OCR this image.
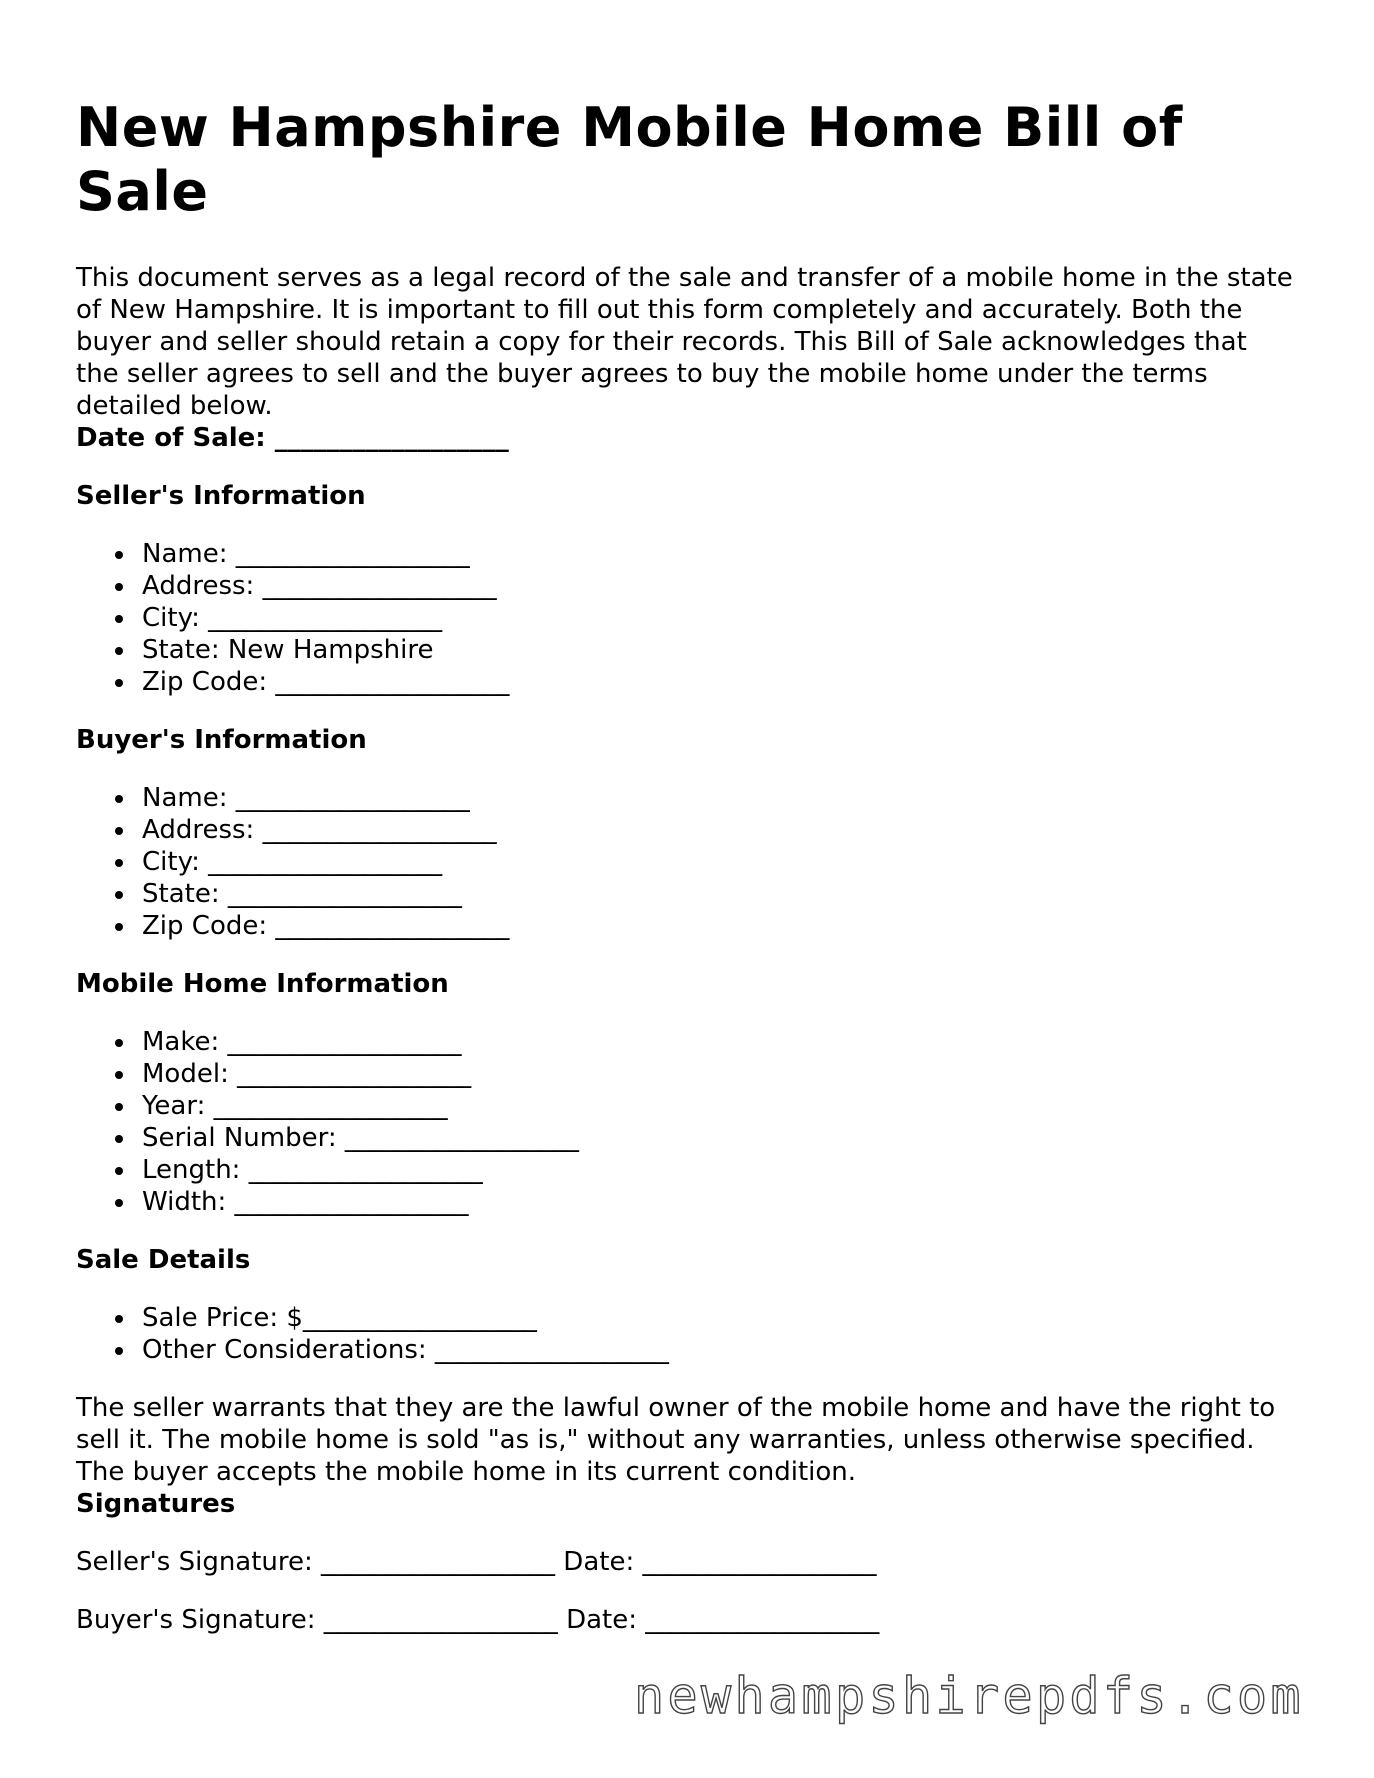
New Hampshire Mobile Home Bill of Sale

This document serves as a legal record of the sale and transfer of a mobile home in the state of New Hampshire. It is important to fill out this form completely and accurately. Both the buyer and seller should retain a copy for their records. This Bill of Sale acknowledges that the seller agrees to sell and the buyer agrees to buy the mobile home under the terms detailed below.

Date of Sale: __________________

Seller's Information

Name: __________________
Address: __________________
City: __________________
State: New Hampshire
Zip Code: __________________

Buyer's Information

Name: __________________
Address: __________________
City: __________________
State: __________________
Zip Code: __________________

Mobile Home Information

Make: __________________
Model: __________________
Year: __________________
Serial Number: __________________
Length: __________________
Width: __________________

Sale Details

Sale Price: $__________________
Other Considerations: __________________

The seller warrants that they are the lawful owner of the mobile home and have the right to sell it. The mobile home is sold "as is," without any warranties, unless otherwise specified. The buyer accepts the mobile home in its current condition.

Signatures

Seller's Signature: __________________ Date: __________________

Buyer's Signature: __________________ Date: __________________

newhampshirepdfs.com
